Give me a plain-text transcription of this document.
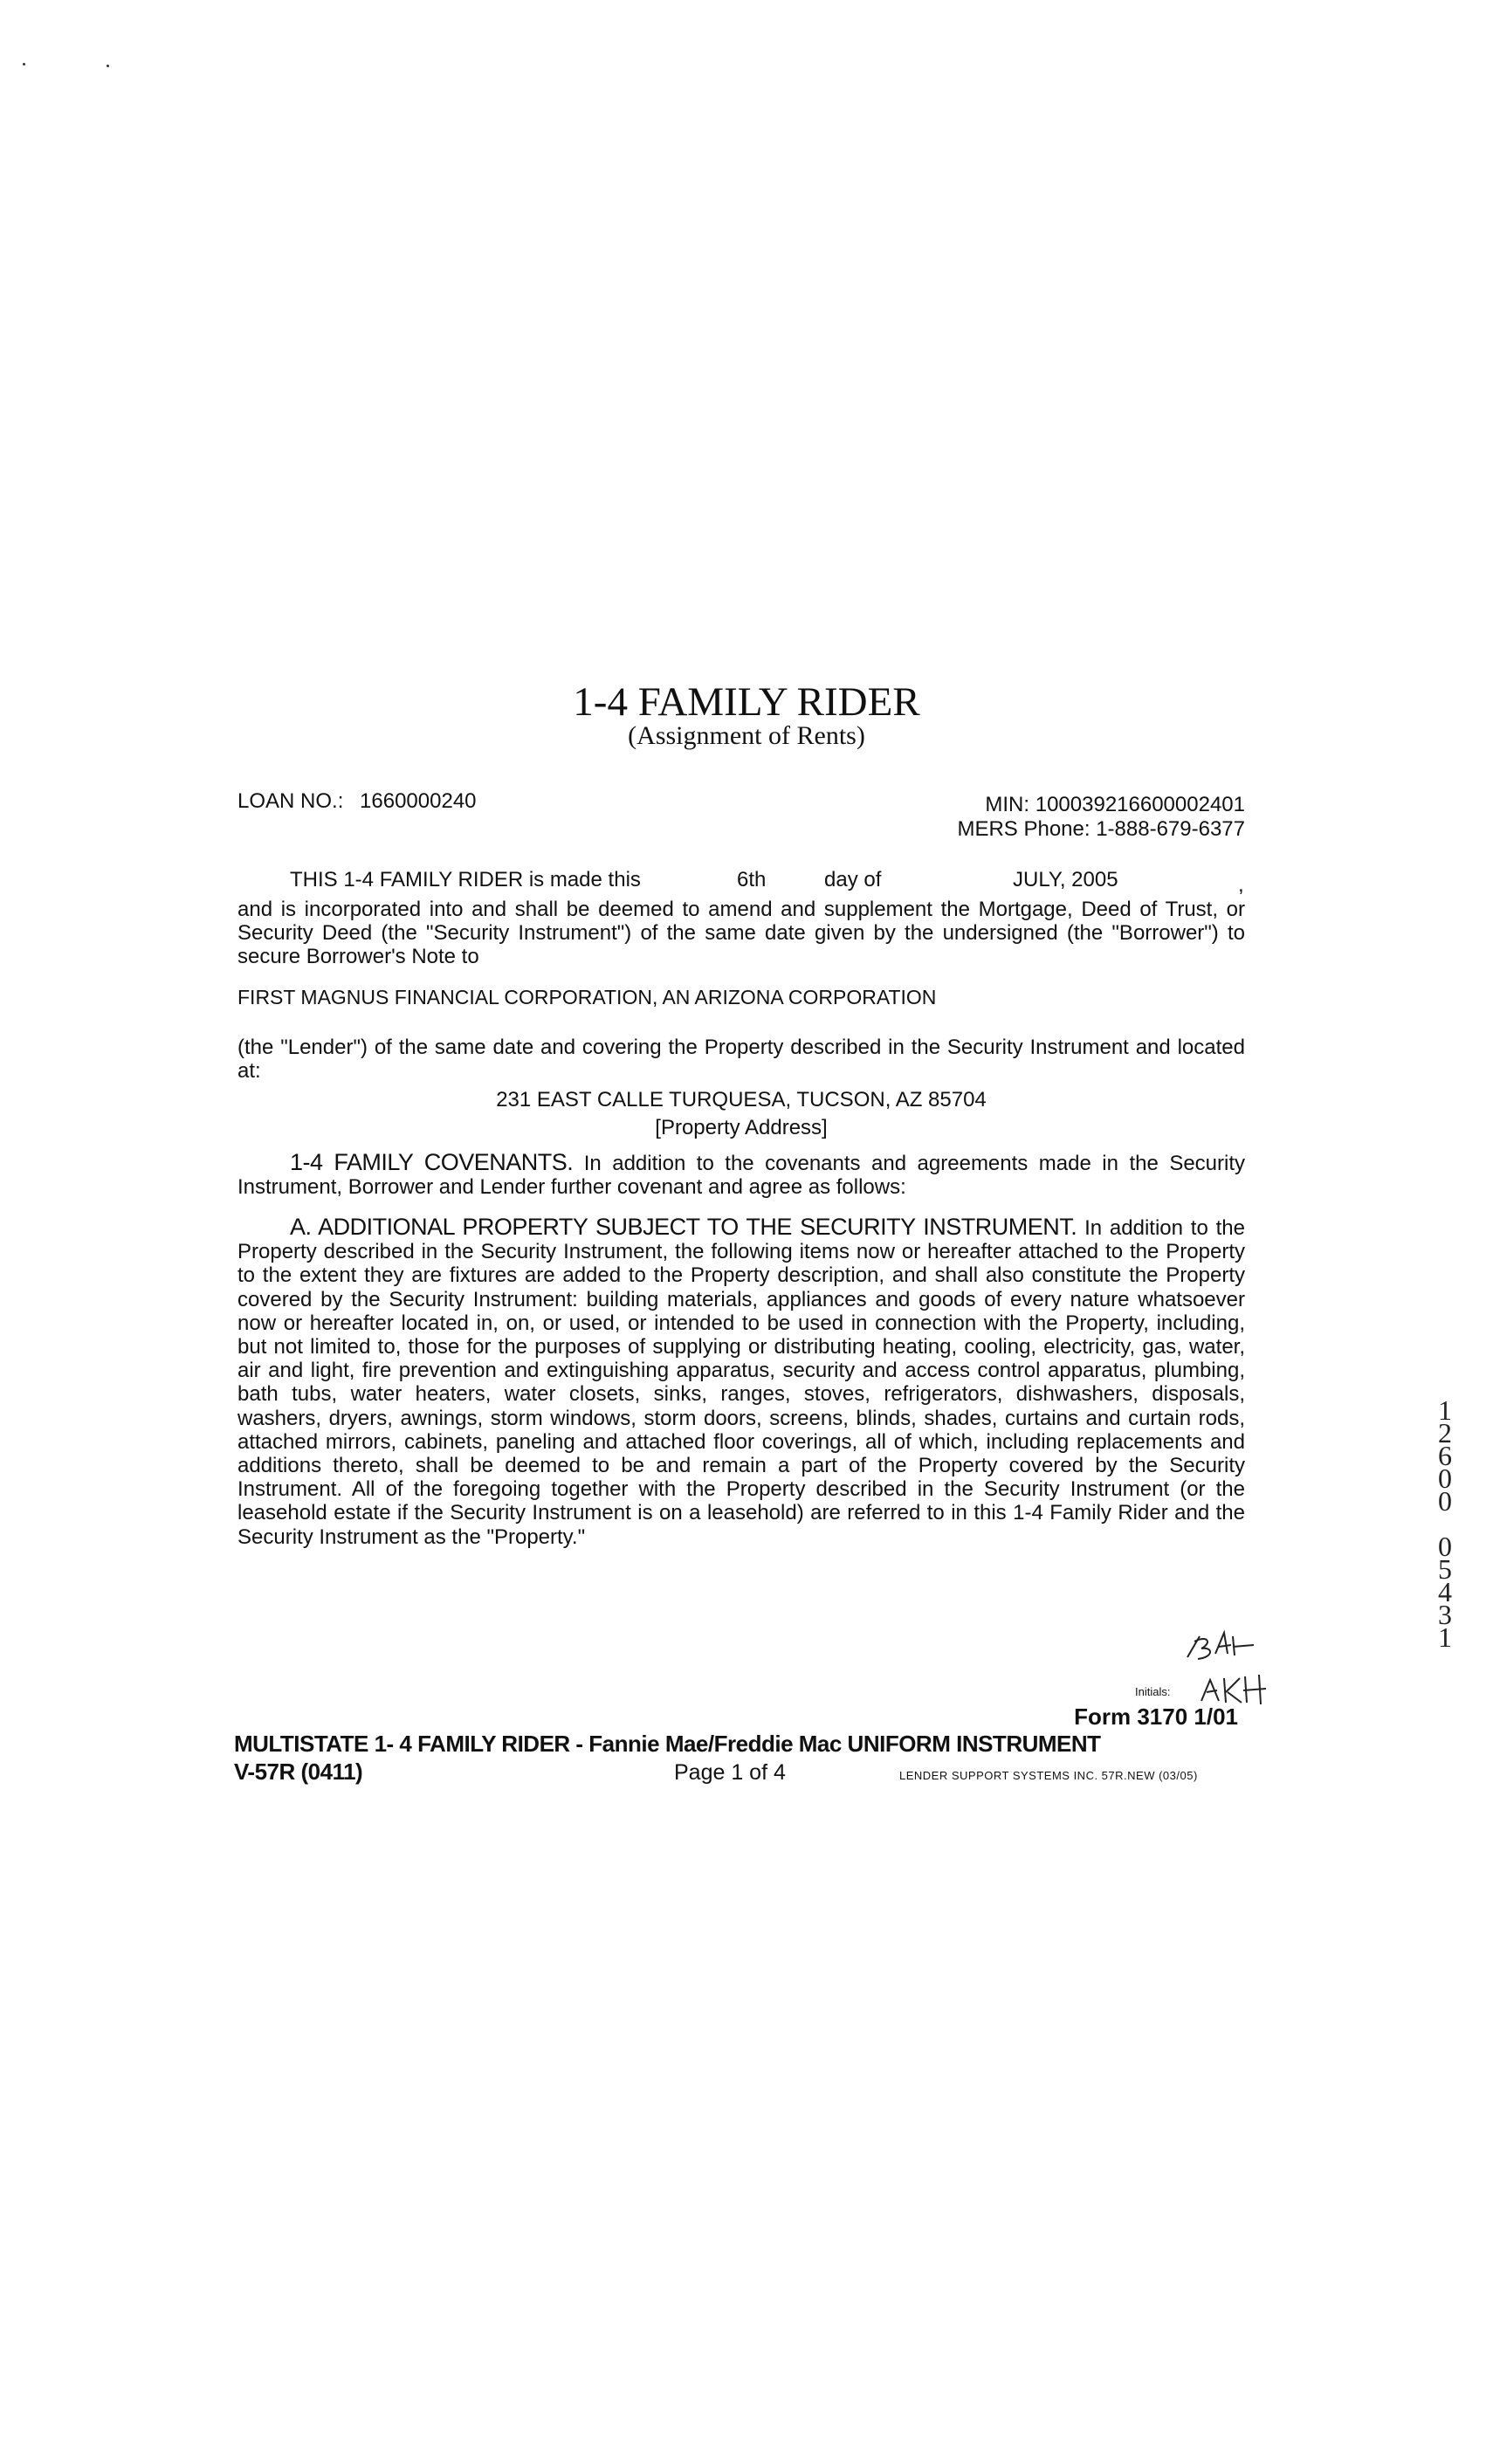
1-4 FAMILY RIDER
(Assignment of Rents)
LOAN NO.: 1660000240	MIN: 100039216600002401
MERS Phone: 1-888-679-6377
THIS 1-4 FAMILY RIDER is made this	6th	day of	JULY, 2005	,
and is incorporated into and shall be deemed to amend and supplement the Mortgage, Deed of Trust, or Security Deed (the "Security Instrument") of the same date given by the undersigned (the "Borrower") to secure Borrower's Note to
FIRST MAGNUS FINANCIAL CORPORATION, AN ARIZONA CORPORATION
(the "Lender") of the same date and covering the Property described in the Security Instrument and located at:
231 EAST CALLE TURQUESA, TUCSON, AZ 85704
[Property Address]
1-4 FAMILY COVENANTS. In addition to the covenants and agreements made in the Security Instrument, Borrower and Lender further covenant and agree as follows:
A. ADDITIONAL PROPERTY SUBJECT TO THE SECURITY INSTRUMENT. In addition to the Property described in the Security Instrument, the following items now or hereafter attached to the Property to the extent they are fixtures are added to the Property description, and shall also constitute the Property covered by the Security Instrument: building materials, appliances and goods of every nature whatsoever now or hereafter located in, on, or used, or intended to be used in connection with the Property, including, but not limited to, those for the purposes of supplying or distributing heating, cooling, electricity, gas, water, air and light, fire prevention and extinguishing apparatus, security and access control apparatus, plumbing, bath tubs, water heaters, water closets, sinks, ranges, stoves, refrigerators, dishwashers, disposals, washers, dryers, awnings, storm windows, storm doors, screens, blinds, shades, curtains and curtain rods, attached mirrors, cabinets, paneling and attached floor coverings, all of which, including replacements and additions thereto, shall be deemed to be and remain a part of the Property covered by the Security Instrument. All of the foregoing together with the Property described in the Security Instrument (or the leasehold estate if the Security Instrument is on a leasehold) are referred to in this 1-4 Family Rider and the Security Instrument as the "Property."
Initials:
Form 3170 1/01
MULTISTATE 1- 4 FAMILY RIDER - Fannie Mae/Freddie Mac UNIFORM INSTRUMENT
V-57R (0411)	Page 1 of 4	LENDER SUPPORT SYSTEMS INC. 57R.NEW (03/05)
1
2
6
0
0
0
5
4
3
1
